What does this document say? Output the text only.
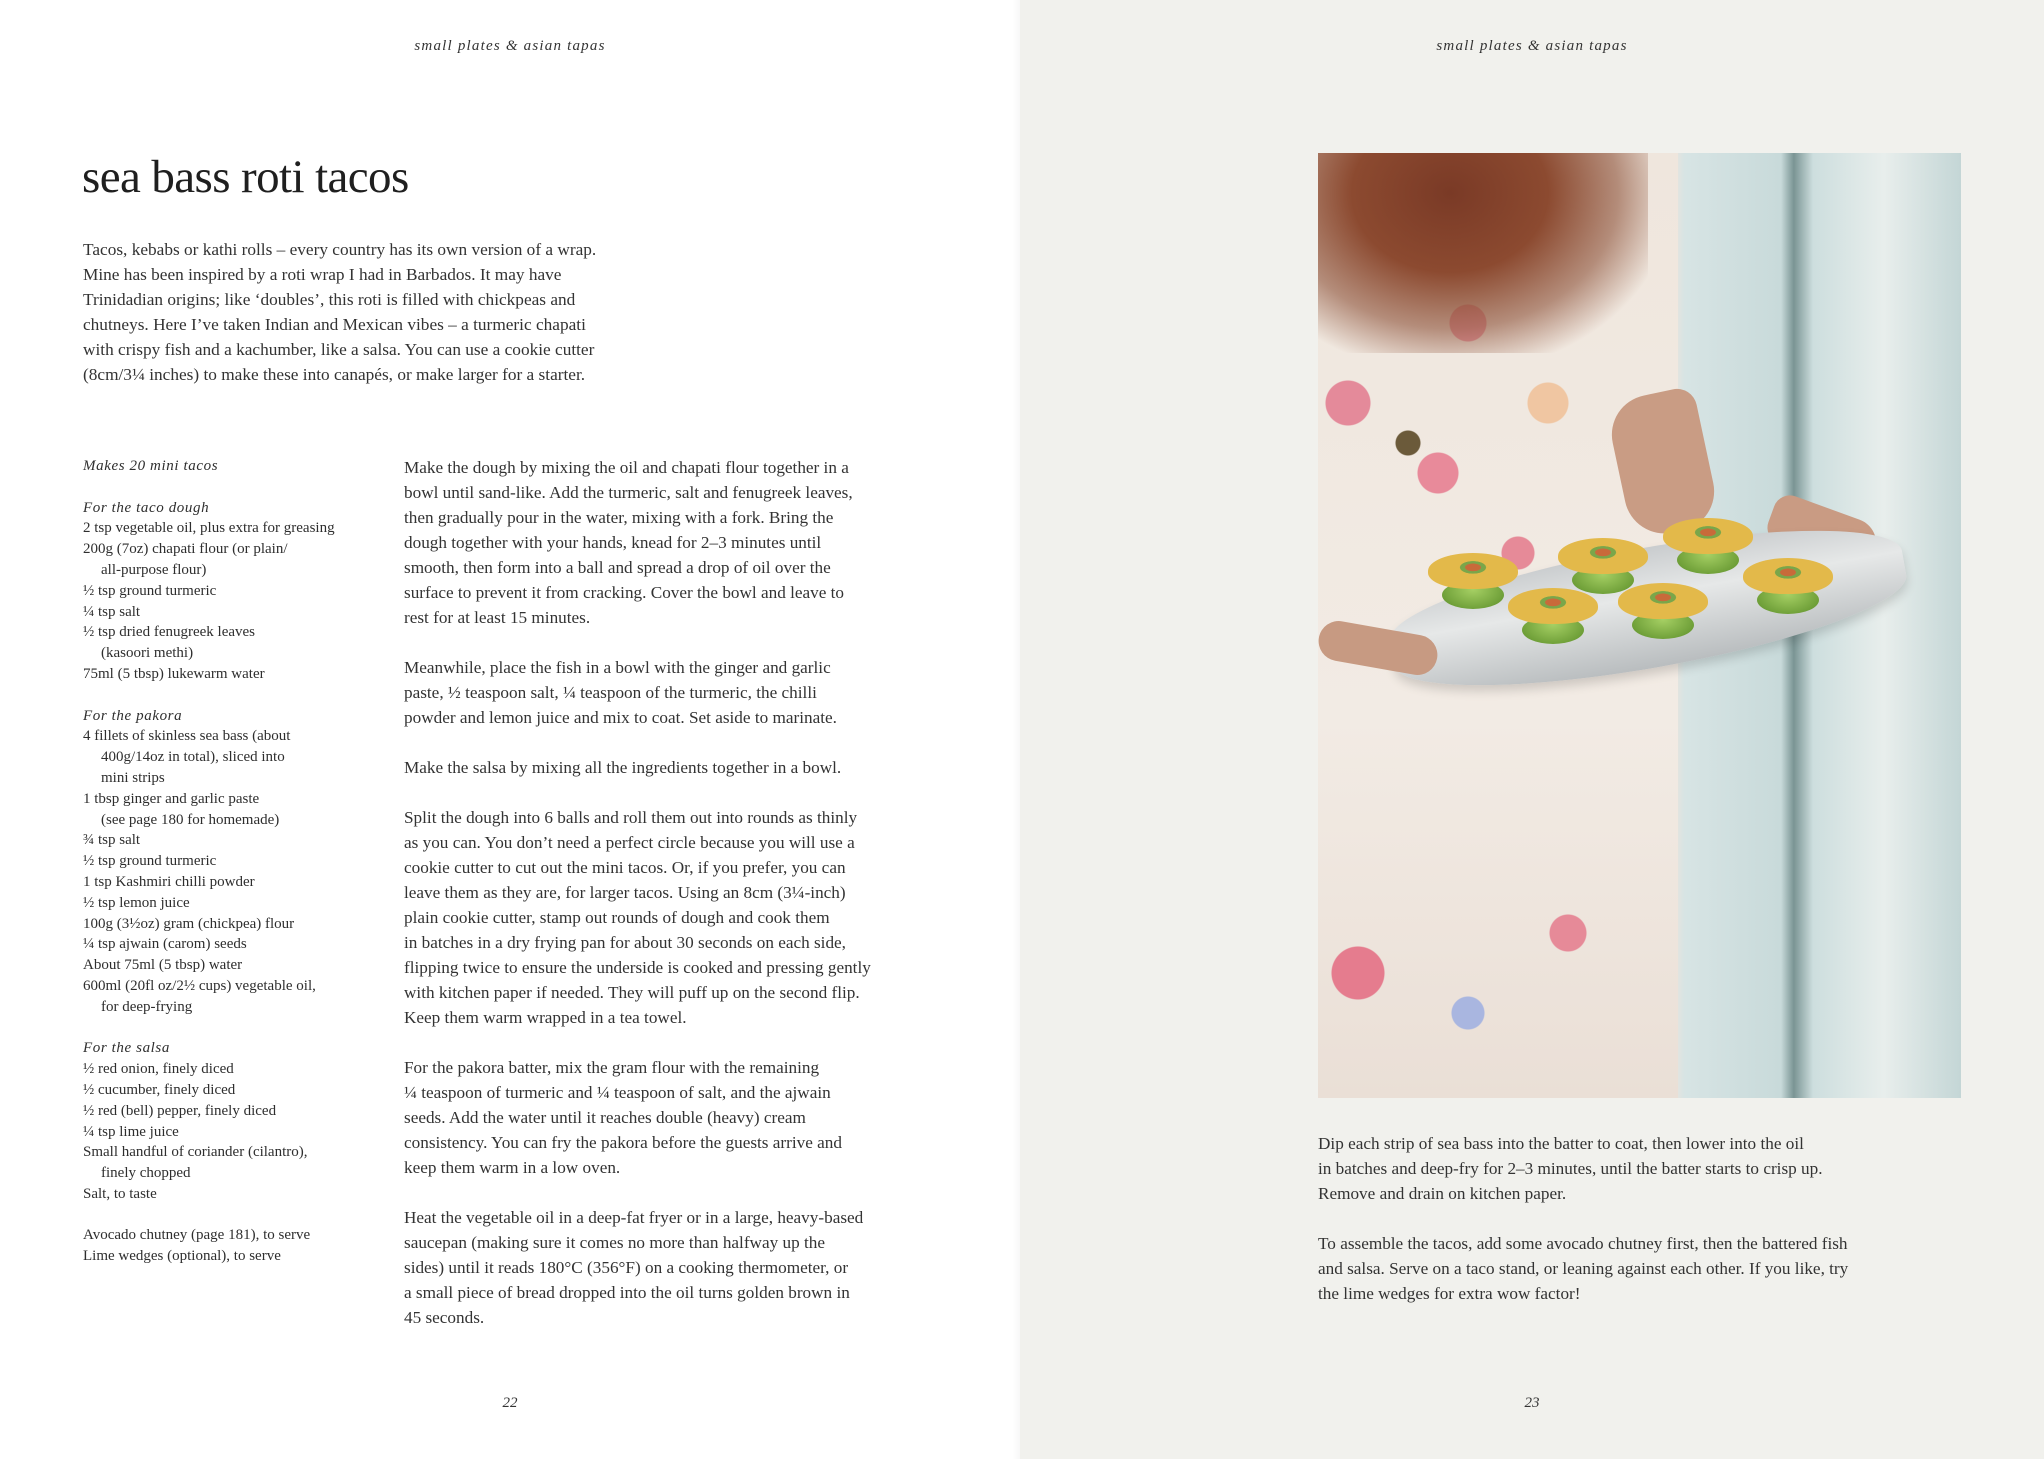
small plates & asian tapas
sea bass roti tacos

Tacos, kebabs or kathi rolls – every country has its own version of a wrap.
Mine has been inspired by a roti wrap I had in Barbados. It may have
Trinidadian origins; like ‘doubles’, this roti is filled with chickpeas and
chutneys. Here I’ve taken Indian and Mexican vibes – a turmeric chapati
with crispy fish and a kachumber, like a salsa. You can use a cookie cutter
(8cm/3¼ inches) to make these into canapés, or make larger for a starter.

Makes 20 mini tacos
For the taco dough
2 tsp vegetable oil, plus extra for greasing
200g (7oz) chapati flour (or plain/
all-purpose flour)
½ tsp ground turmeric
¼ tsp salt
½ tsp dried fenugreek leaves
(kasoori methi)
75ml (5 tbsp) lukewarm water
For the pakora
4 fillets of skinless sea bass (about
400g/14oz in total), sliced into
mini strips
1 tbsp ginger and garlic paste
(see page 180 for homemade)
¾ tsp salt
½ tsp ground turmeric
1 tsp Kashmiri chilli powder
½ tsp lemon juice
100g (3½oz) gram (chickpea) flour
¼ tsp ajwain (carom) seeds
About 75ml (5 tbsp) water
600ml (20fl oz/2½ cups) vegetable oil,
for deep-frying
For the salsa
½ red onion, finely diced
½ cucumber, finely diced
½ red (bell) pepper, finely diced
¼ tsp lime juice
Small handful of coriander (cilantro),
finely chopped
Salt, to taste
Avocado chutney (page 181), to serve
Lime wedges (optional), to serve

Make the dough by mixing the oil and chapati flour together in a
bowl until sand-like. Add the turmeric, salt and fenugreek leaves,
then gradually pour in the water, mixing with a fork. Bring the
dough together with your hands, knead for 2–3 minutes until
smooth, then form into a ball and spread a drop of oil over the
surface to prevent it from cracking. Cover the bowl and leave to
rest for at least 15 minutes.

Meanwhile, place the fish in a bowl with the ginger and garlic
paste, ½ teaspoon salt, ¼ teaspoon of the turmeric, the chilli
powder and lemon juice and mix to coat. Set aside to marinate.

Make the salsa by mixing all the ingredients together in a bowl.

Split the dough into 6 balls and roll them out into rounds as thinly
as you can. You don’t need a perfect circle because you will use a
cookie cutter to cut out the mini tacos. Or, if you prefer, you can
leave them as they are, for larger tacos. Using an 8cm (3¼-inch)
plain cookie cutter, stamp out rounds of dough and cook them
in batches in a dry frying pan for about 30 seconds on each side,
flipping twice to ensure the underside is cooked and pressing gently
with kitchen paper if needed. They will puff up on the second flip.
Keep them warm wrapped in a tea towel.

For the pakora batter, mix the gram flour with the remaining
¼ teaspoon of turmeric and ¼ teaspoon of salt, and the ajwain
seeds. Add the water until it reaches double (heavy) cream
consistency. You can fry the pakora before the guests arrive and
keep them warm in a low oven.

Heat the vegetable oil in a deep-fat fryer or in a large, heavy-based
saucepan (making sure it comes no more than halfway up the
sides) until it reads 180°C (356°F) on a cooking thermometer, or
a small piece of bread dropped into the oil turns golden brown in
45 seconds.

22
small plates & asian tapas

Dip each strip of sea bass into the batter to coat, then lower into the oil
in batches and deep-fry for 2–3 minutes, until the batter starts to crisp up.
Remove and drain on kitchen paper.

To assemble the tacos, add some avocado chutney first, then the battered fish
and salsa. Serve on a taco stand, or leaning against each other. If you like, try
the lime wedges for extra wow factor!

23
